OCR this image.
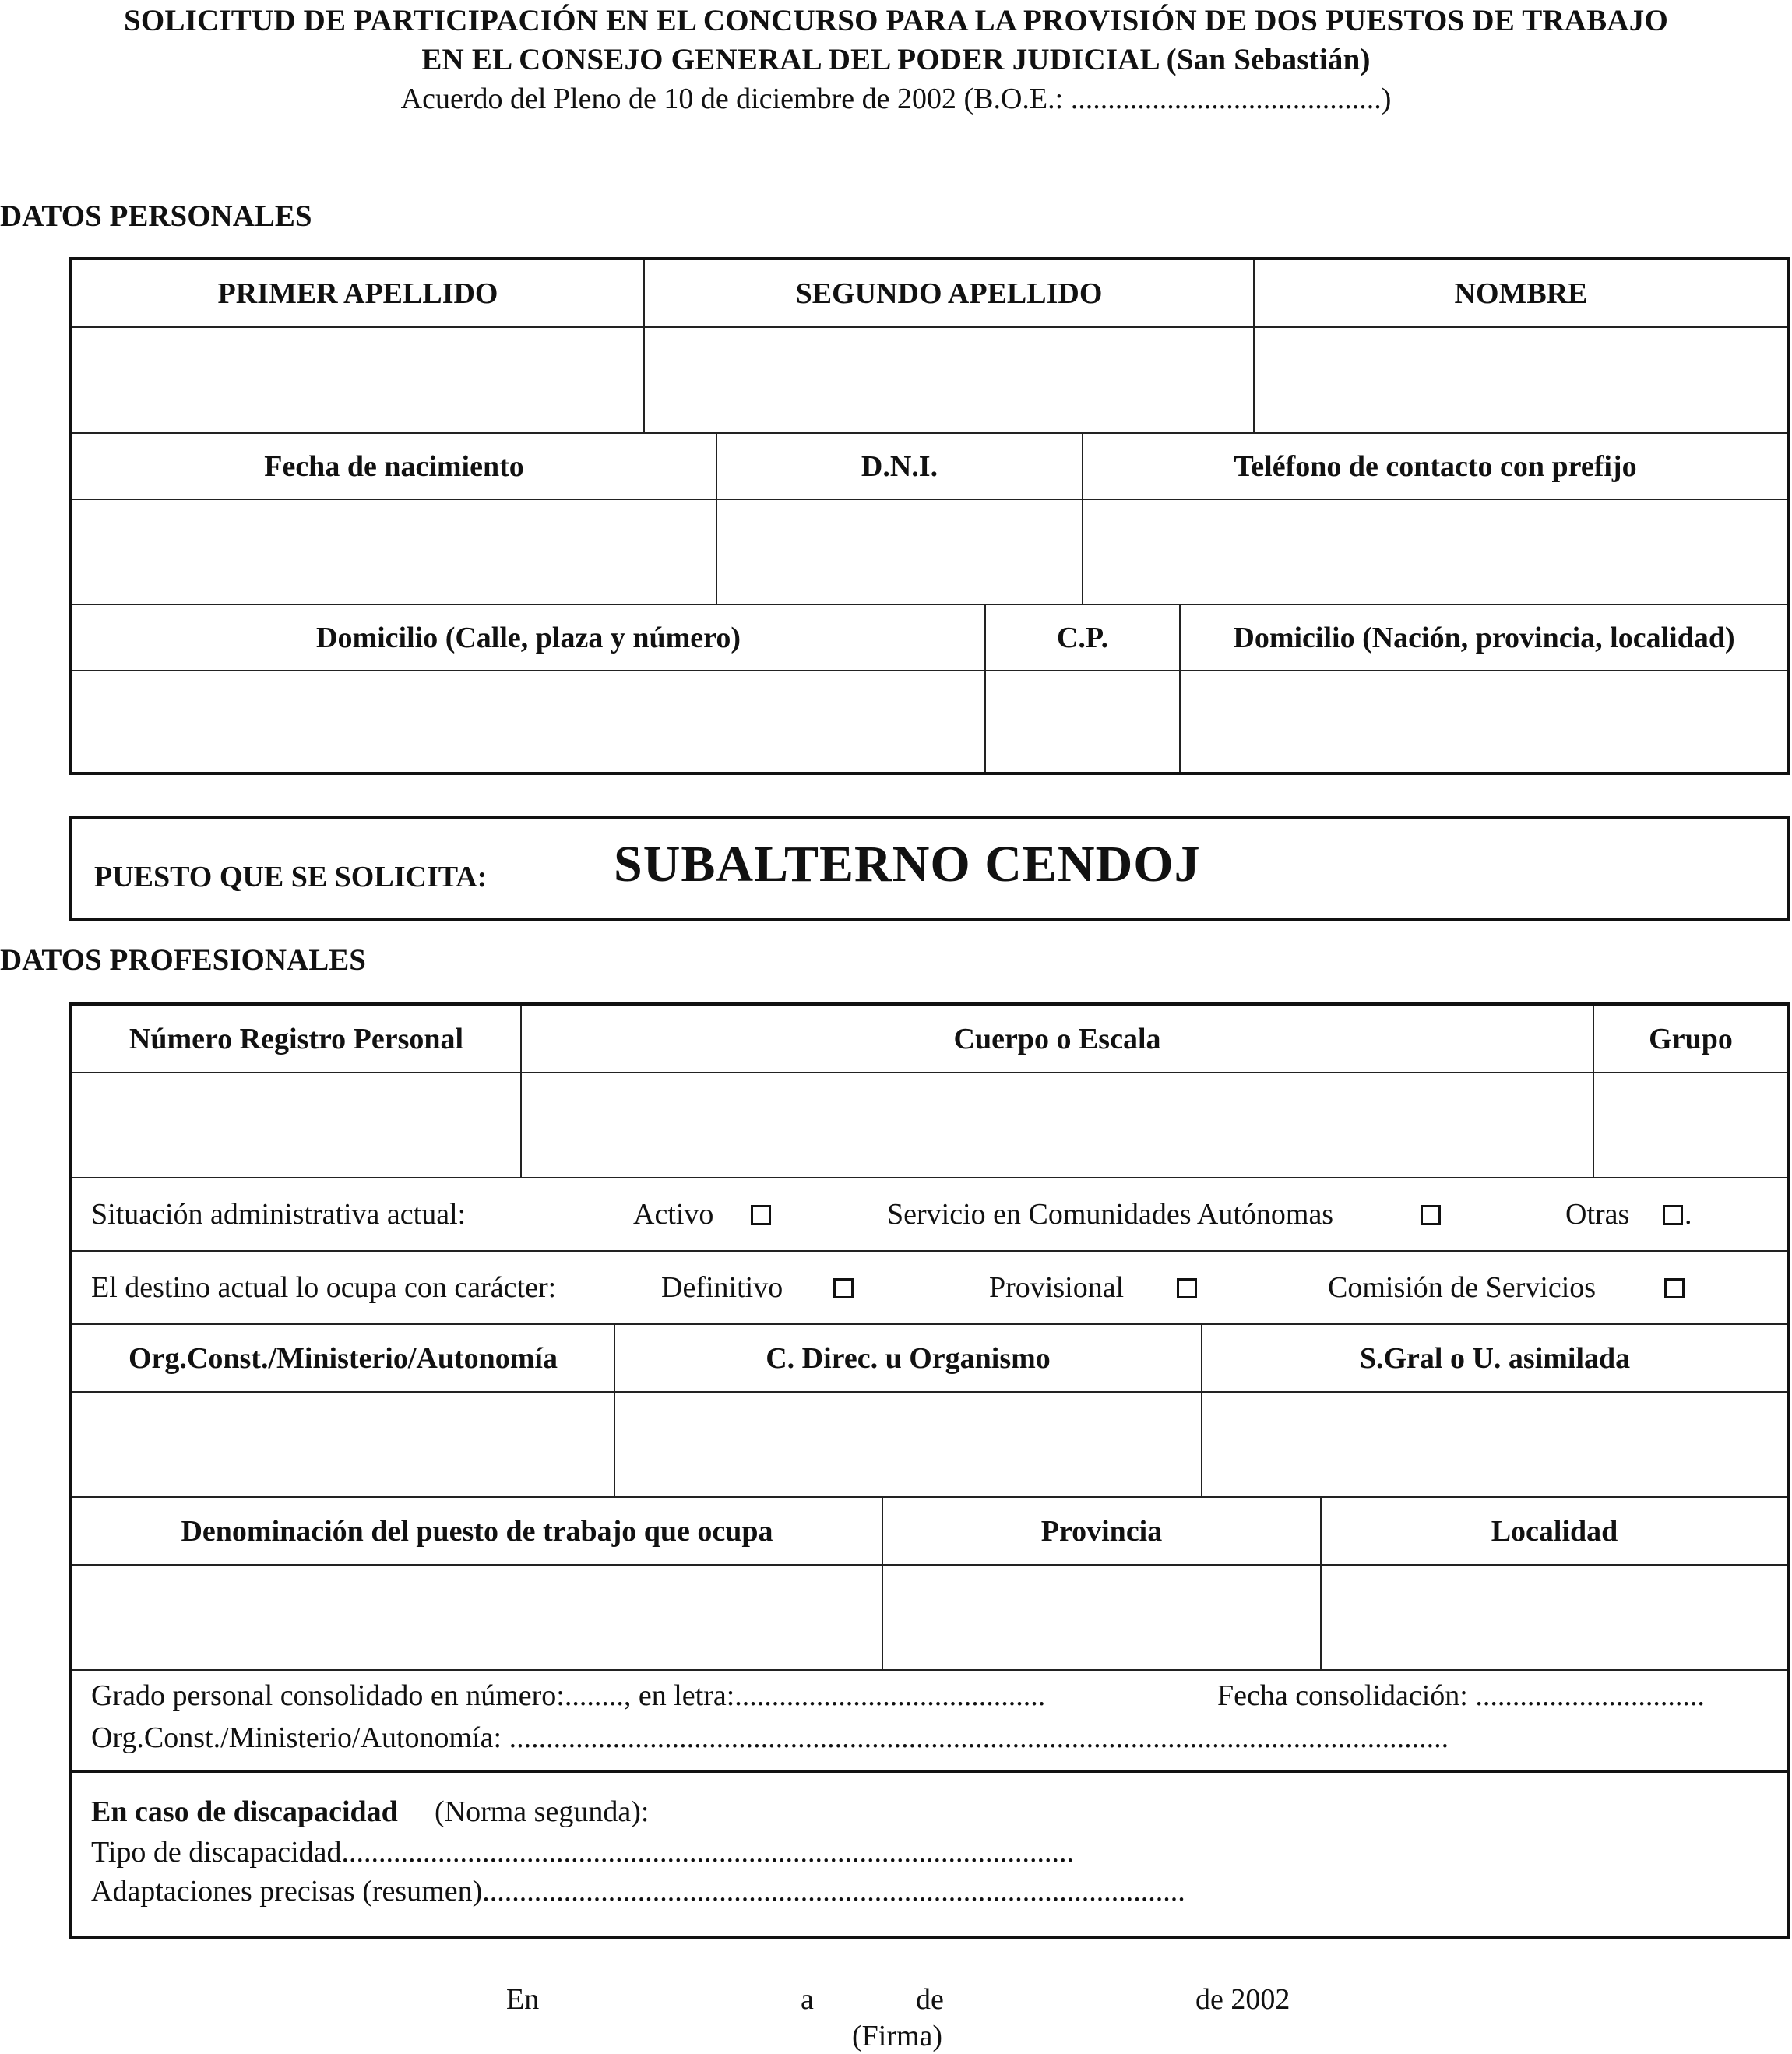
SOLICITUD DE PARTICIPACIÓN EN EL CONCURSO PARA LA PROVISIÓN DE DOS PUESTOS DE TRABAJO
EN EL CONSEJO GENERAL DEL PODER JUDICIAL (San Sebastián)
Acuerdo del Pleno de 10 de diciembre de 2002 (B.O.E.: ..........................................)
DATOS PERSONALES
PRIMER APELLIDO	SEGUNDO APELLIDO	NOMBRE
Fecha de nacimiento	D.N.I.	Teléfono de contacto con prefijo
Domicilio (Calle, plaza y número)	C.P.	Domicilio (Nación, provincia, localidad)
PUESTO QUE SE SOLICITA: SUBALTERNO CENDOJ
DATOS PROFESIONALES
Número Registro Personal	Cuerpo o Escala	Grupo
Situación administrativa actual:	Activo	Servicio en Comunidades Autónomas	Otras .
El destino actual lo ocupa con carácter:	Definitivo	Provisional	Comisión de Servicios
Org.Const./Ministerio/Autonomía	C. Direc. u Organismo	S.Gral o U. asimilada
Denominación del puesto de trabajo que ocupa	Provincia	Localidad
Grado personal consolidado en número:........, en letra:..........................................	Fecha consolidación: ...............................
Org.Const./Ministerio/Autonomía: ...............................................................................................................................
En caso de discapacidad (Norma segunda):
Tipo de discapacidad...................................................................................................
Adaptaciones precisas (resumen)...............................................................................................
En	a	de	de 2002
(Firma)
